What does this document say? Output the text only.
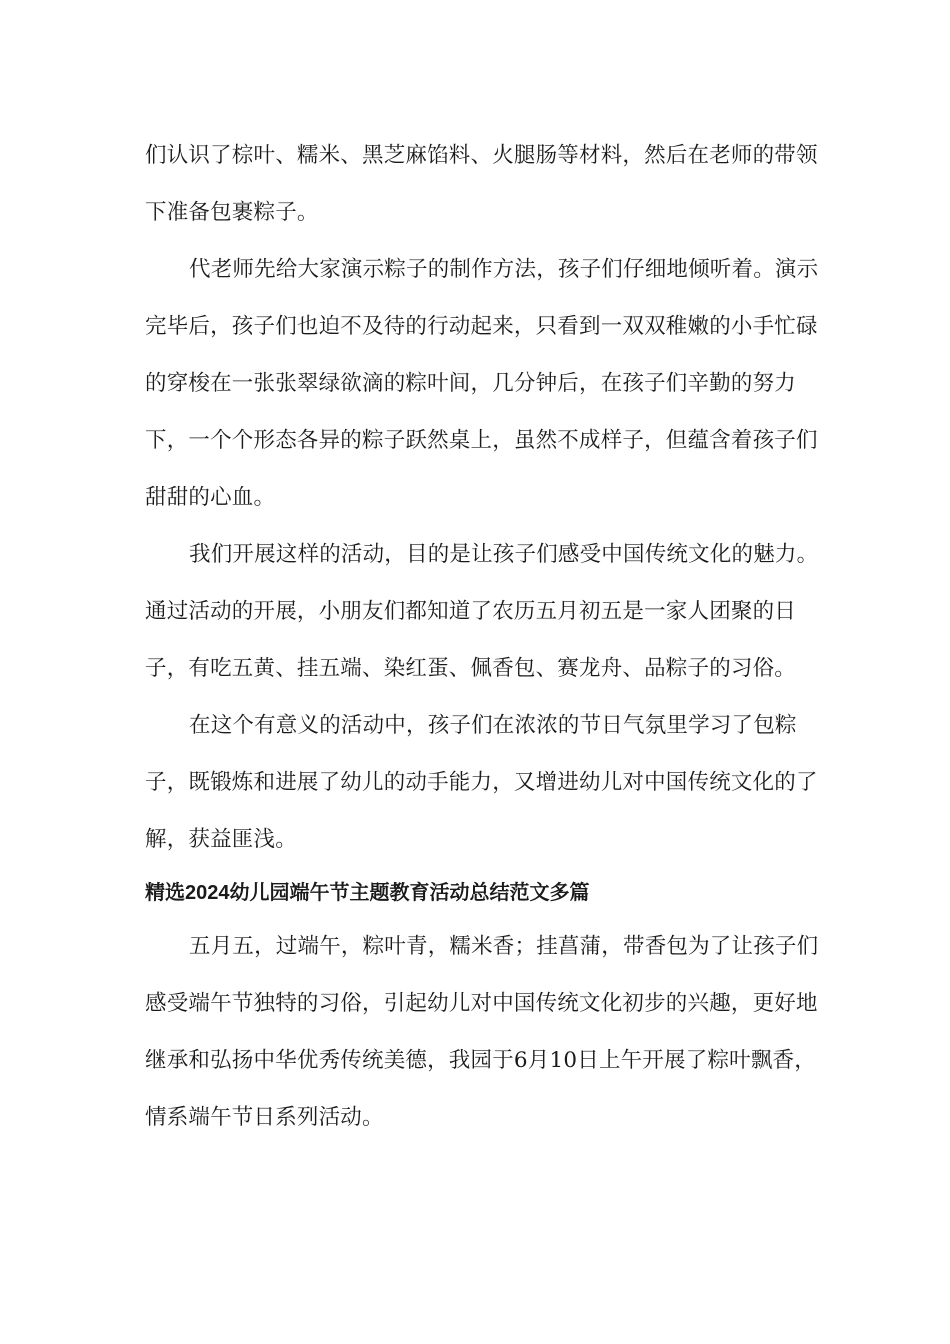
们认识了棕叶、糯米、黑芝麻馅料、火腿肠等材料，然后在老师的带领下准备包裹粽子。

代老师先给大家演示粽子的制作方法，孩子们仔细地倾听着。演示完毕后，孩子们也迫不及待的行动起来，只看到一双双稚嫩的小手忙碌的穿梭在一张张翠绿欲滴的粽叶间，几分钟后，在孩子们辛勤的努力下，一个个形态各异的粽子跃然桌上，虽然不成样子，但蕴含着孩子们甜甜的心血。

我们开展这样的活动，目的是让孩子们感受中国传统文化的魅力。通过活动的开展，小朋友们都知道了农历五月初五是一家人团聚的日子，有吃五黄、挂五端、染红蛋、佩香包、赛龙舟、品粽子的习俗。

在这个有意义的活动中，孩子们在浓浓的节日气氛里学习了包粽子，既锻炼和进展了幼儿的动手能力，又增进幼儿对中国传统文化的了解，获益匪浅。

精选2024幼儿园端午节主题教育活动总结范文多篇

五月五，过端午，粽叶青，糯米香；挂菖蒲，带香包为了让孩子们感受端午节独特的习俗，引起幼儿对中国传统文化初步的兴趣，更好地继承和弘扬中华优秀传统美德，我园于6月10日上午开展了粽叶飘香，情系端午节日系列活动。
